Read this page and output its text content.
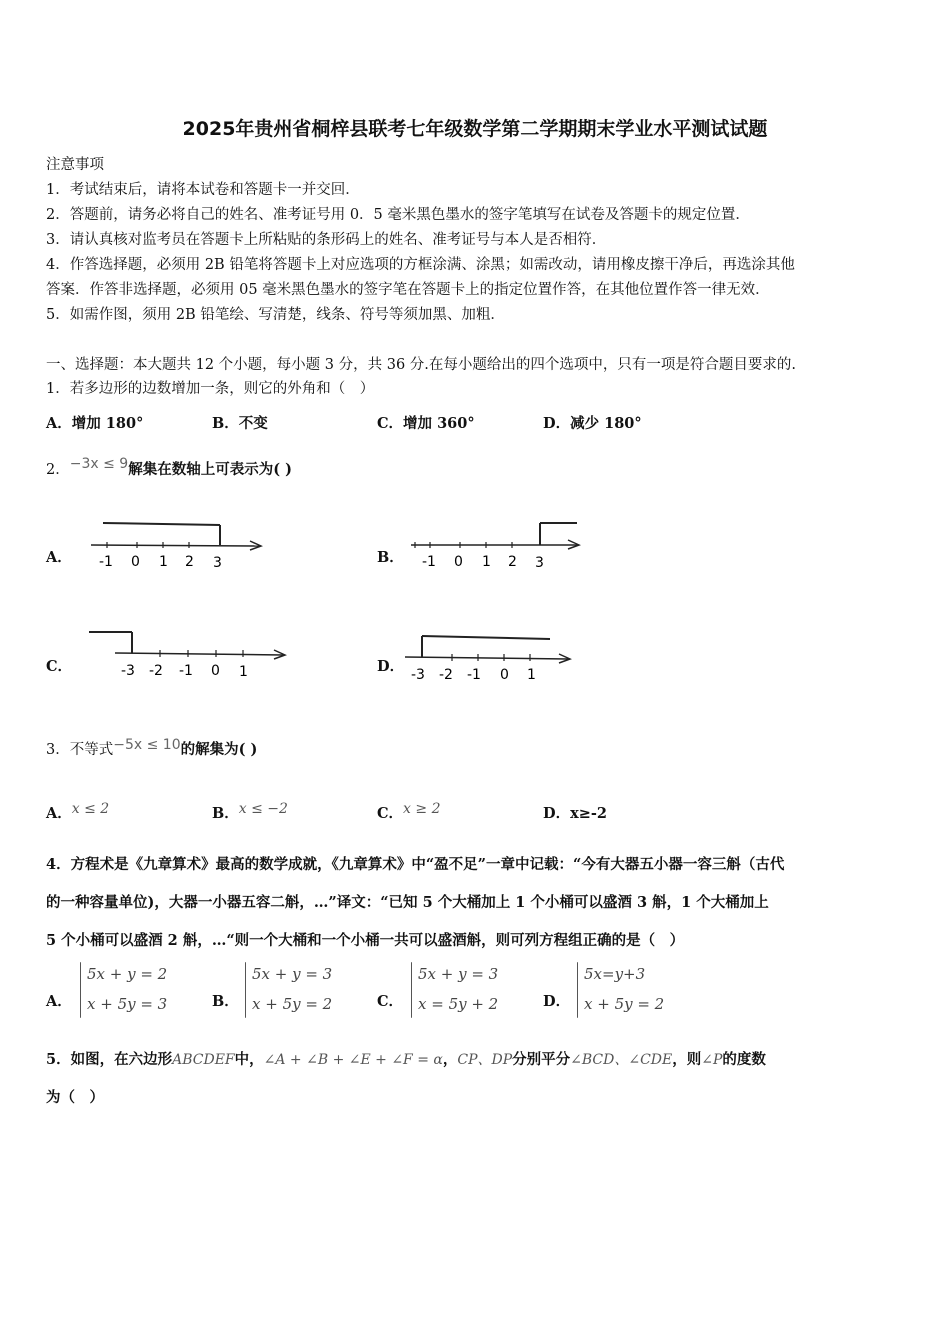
2025年贵州省桐梓县联考七年级数学第二学期期末学业水平测试试题
注意事项
1．考试结束后，请将本试卷和答题卡一并交回．
2．答题前，请务必将自己的姓名、准考证号用 0．5 毫米黑色墨水的签字笔填写在试卷及答题卡的规定位置．
3．请认真核对监考员在答题卡上所粘贴的条形码上的姓名、准考证号与本人是否相符．
4．作答选择题，必须用 2B 铅笔将答题卡上对应选项的方框涂满、涂黑；如需改动，请用橡皮擦干净后，再选涂其他
答案．作答非选择题，必须用 05 毫米黑色墨水的签字笔在答题卡上的指定位置作答，在其他位置作答一律无效．
5．如需作图，须用 2B 铅笔绘、写清楚，线条、符号等须加黑、加粗．
一、选择题：本大题共 12 个小题，每小题 3 分，共 36 分.在每小题给出的四个选项中，只有一项是符合题目要求的.
1．若多边形的边数增加一条，则它的外角和（　）
A．增加 180°	B．不变	C．增加 360°	D．减少 180°
2．−3x ≤ 9解集在数轴上可表示为( )
A．	B．
C．	D．
-1 0 1 2 3	-1 0 1 2 3
-3 -2 -1 0 1	-3 -2 -1 0 1
3．不等式−5x ≤ 10的解集为( )
A．x ≤ 2	B．x ≤ −2	C．x ≥ 2	D．x≥-2
4．方程术是《九章算术》最高的数学成就，《九章算术》中“盈不足”一章中记载：“今有大器五小器一容三斛（古代
的一种容量单位)，大器一小器五容二斛，…”译文：“已知 5 个大桶加上 1 个小桶可以盛酒 3 斛，1 个大桶加上
5 个小桶可以盛酒 2 斛，…“则一个大桶和一个小桶一共可以盛酒斛，则可列方程组正确的是（　）
A．
5x + y = 2
x + 5y = 3	B．
5x + y = 3
x + 5y = 2	C．
5x + y = 3
x = 5y + 2	D．
5x=y+3
x + 5y = 2
5．如图，在六边形ABCDEF中，∠A + ∠B + ∠E + ∠F = α，CP、DP分别平分∠BCD、∠CDE，则∠P的度数
为（　）
